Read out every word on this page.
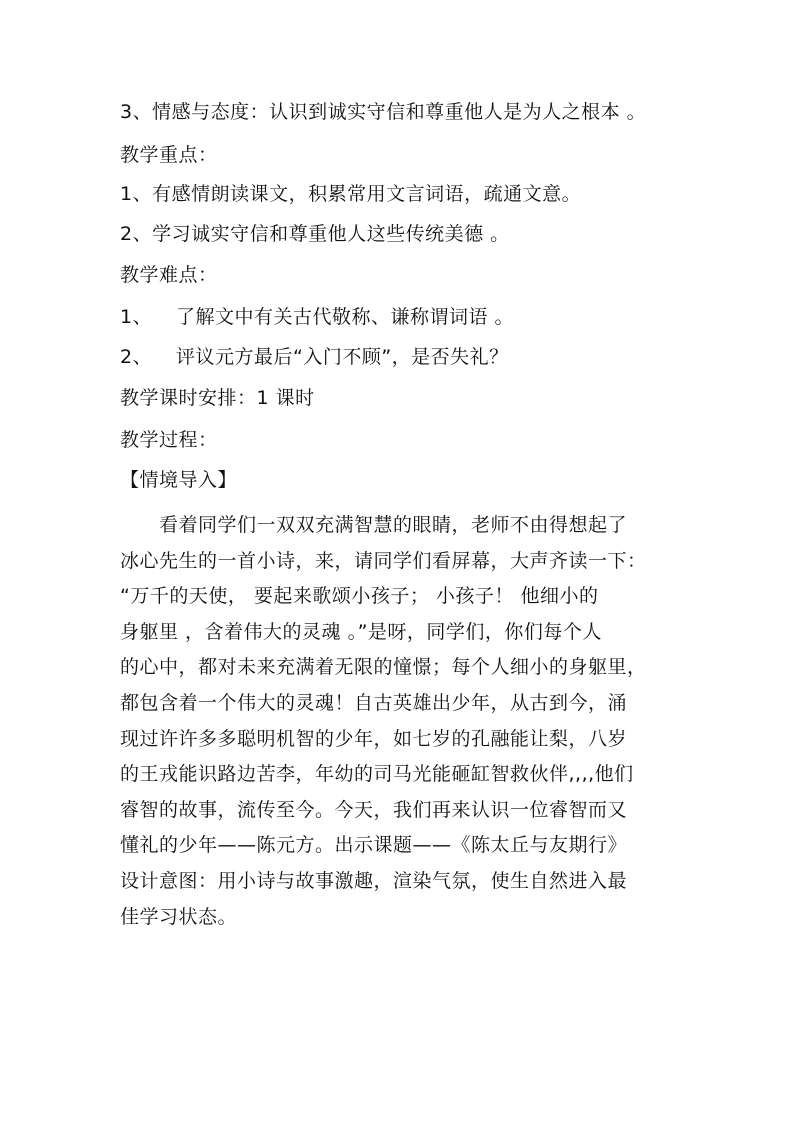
3、情感与态度：认识到诚实守信和尊重他人是为人之根本 。
教学重点：
1、有感情朗读课文，积累常用文言词语，疏通文意。
2、学习诚实守信和尊重他人这些传统美德 。
教学难点：
1、 了解文中有关古代敬称、谦称谓词语 。
2、 评议元方最后“入门不顾”，是否失礼？
教学课时安排：1 课时
教学过程：
【情境导入】
　　看着同学们一双双充满智慧的眼睛，老师不由得想起了
冰心先生的一首小诗，来，请同学们看屏幕，大声齐读一下：
“万千的天使， 要起来歌颂小孩子； 小孩子！ 他细小的
身躯里 ，含着伟大的灵魂 。”是呀，同学们，你们每个人
的心中，都对未来充满着无限的憧憬；每个人细小的身躯里，
都包含着一个伟大的灵魂！自古英雄出少年，从古到今，涌
现过许许多多聪明机智的少年，如七岁的孔融能让梨，八岁
的王戎能识路边苦李，年幼的司马光能砸缸智救伙伴,,,,他们
睿智的故事，流传至今。今天，我们再来认识一位睿智而又
懂礼的少年——陈元方。出示课题——《陈太丘与友期行》
设计意图：用小诗与故事激趣，渲染气氛，使生自然进入最
佳学习状态。
